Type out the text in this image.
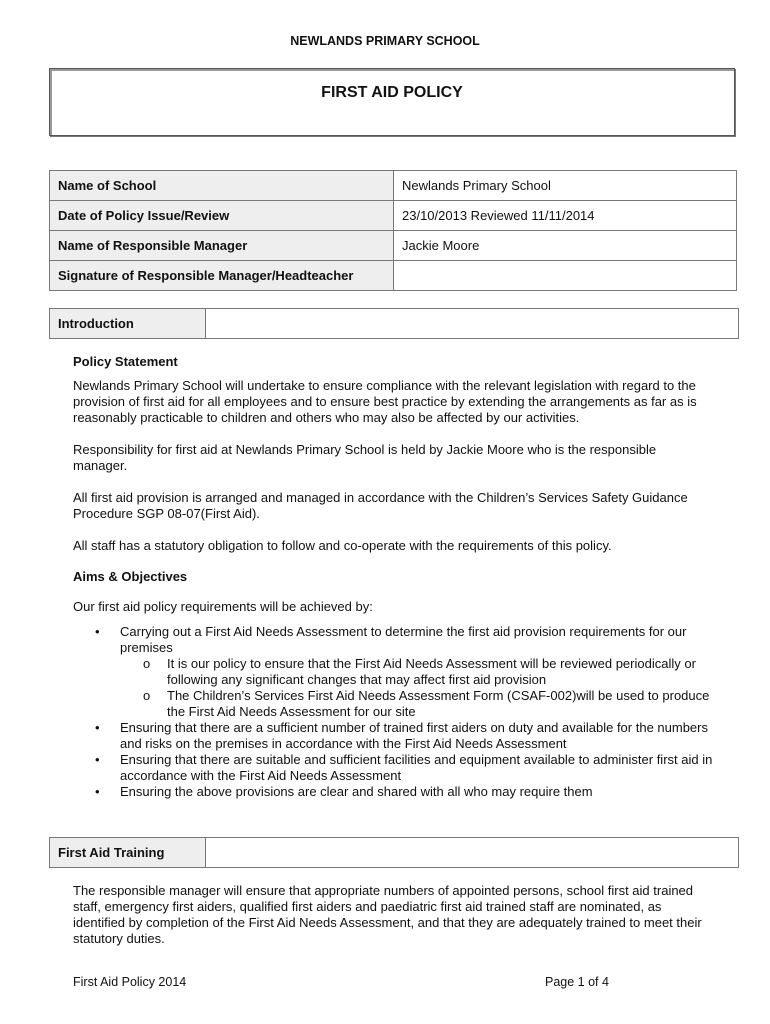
NEWLANDS PRIMARY SCHOOL
FIRST AID POLICY
Name of School	Newlands Primary School
Date of Policy Issue/Review	23/10/2013 Reviewed 11/11/2014
Name of Responsible Manager	Jackie Moore
Signature of Responsible Manager/Headteacher	
Introduction

Policy Statement

Newlands Primary School will undertake to ensure compliance with the relevant legislation with regard to the provision of first aid for all employees and to ensure best practice by extending the arrangements as far as is reasonably practicable to children and others who may also be affected by our activities.

Responsibility for first aid at Newlands Primary School is held by Jackie Moore who is the responsible manager.

All first aid provision is arranged and managed in accordance with the Children’s Services Safety Guidance Procedure SGP 08-07(First Aid).

All staff has a statutory obligation to follow and co-operate with the requirements of this policy.

Aims & Objectives

Our first aid policy requirements will be achieved by:

• Carrying out a First Aid Needs Assessment to determine the first aid provision requirements for our premises
o It is our policy to ensure that the First Aid Needs Assessment will be reviewed periodically or following any significant changes that may affect first aid provision
o The Children’s Services First Aid Needs Assessment Form (CSAF-002)will be used to produce the First Aid Needs Assessment for our site
• Ensuring that there are a sufficient number of trained first aiders on duty and available for the numbers and risks on the premises in accordance with the First Aid Needs Assessment
• Ensuring that there are suitable and sufficient facilities and equipment available to administer first aid in accordance with the First Aid Needs Assessment
• Ensuring the above provisions are clear and shared with all who may require them
First Aid Training

The responsible manager will ensure that appropriate numbers of appointed persons, school first aid trained staff, emergency first aiders, qualified first aiders and paediatric first aid trained staff are nominated, as identified by completion of the First Aid Needs Assessment, and that they are adequately trained to meet their statutory duties.

First Aid Policy 2014	Page 1 of 4
